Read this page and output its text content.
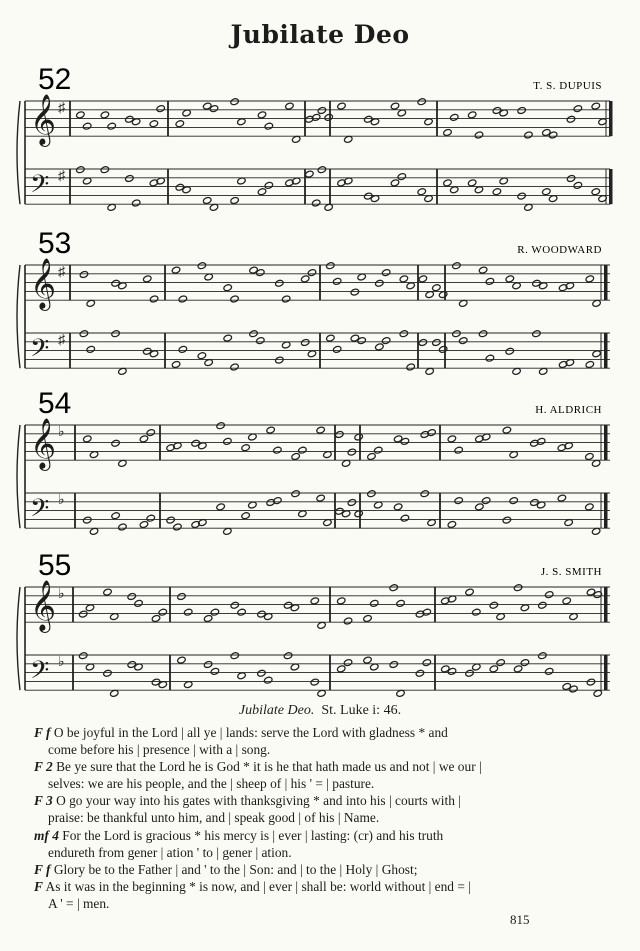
Jubilate Deo
52	T. S. DUPUIS
𝄞 ♯
𝄢 ♯
53	R. WOODWARD
𝄞 ♯
𝄢 ♯
54	H. ALDRICH
𝄞 ♭
𝄢 ♭
55	J. S. SMITH
𝄞 ♭
𝄢 ♭
Jubilate Deo. St. Luke i: 46.

F f O be joyful in the Lord | all ye | lands: serve the Lord with gladness * and

come before his | presence | with a | song.

F 2 Be ye sure that the Lord he is God * it is he that hath made us and not | we our |

selves: we are his people, and the | sheep of | his ' = | pasture.

F 3 O go your way into his gates with thanksgiving * and into his | courts with |

praise: be thankful unto him, and | speak good | of his | Name.

mf 4 For the Lord is gracious * his mercy is | ever | lasting: (cr) and his truth

endureth from gener | ation ' to | gener | ation.

F f Glory be to the Father | and ' to the | Son: and | to the | Holy | Ghost;

F As it was in the beginning * is now, and | ever | shall be: world without | end = |

A ' = | men.

815
